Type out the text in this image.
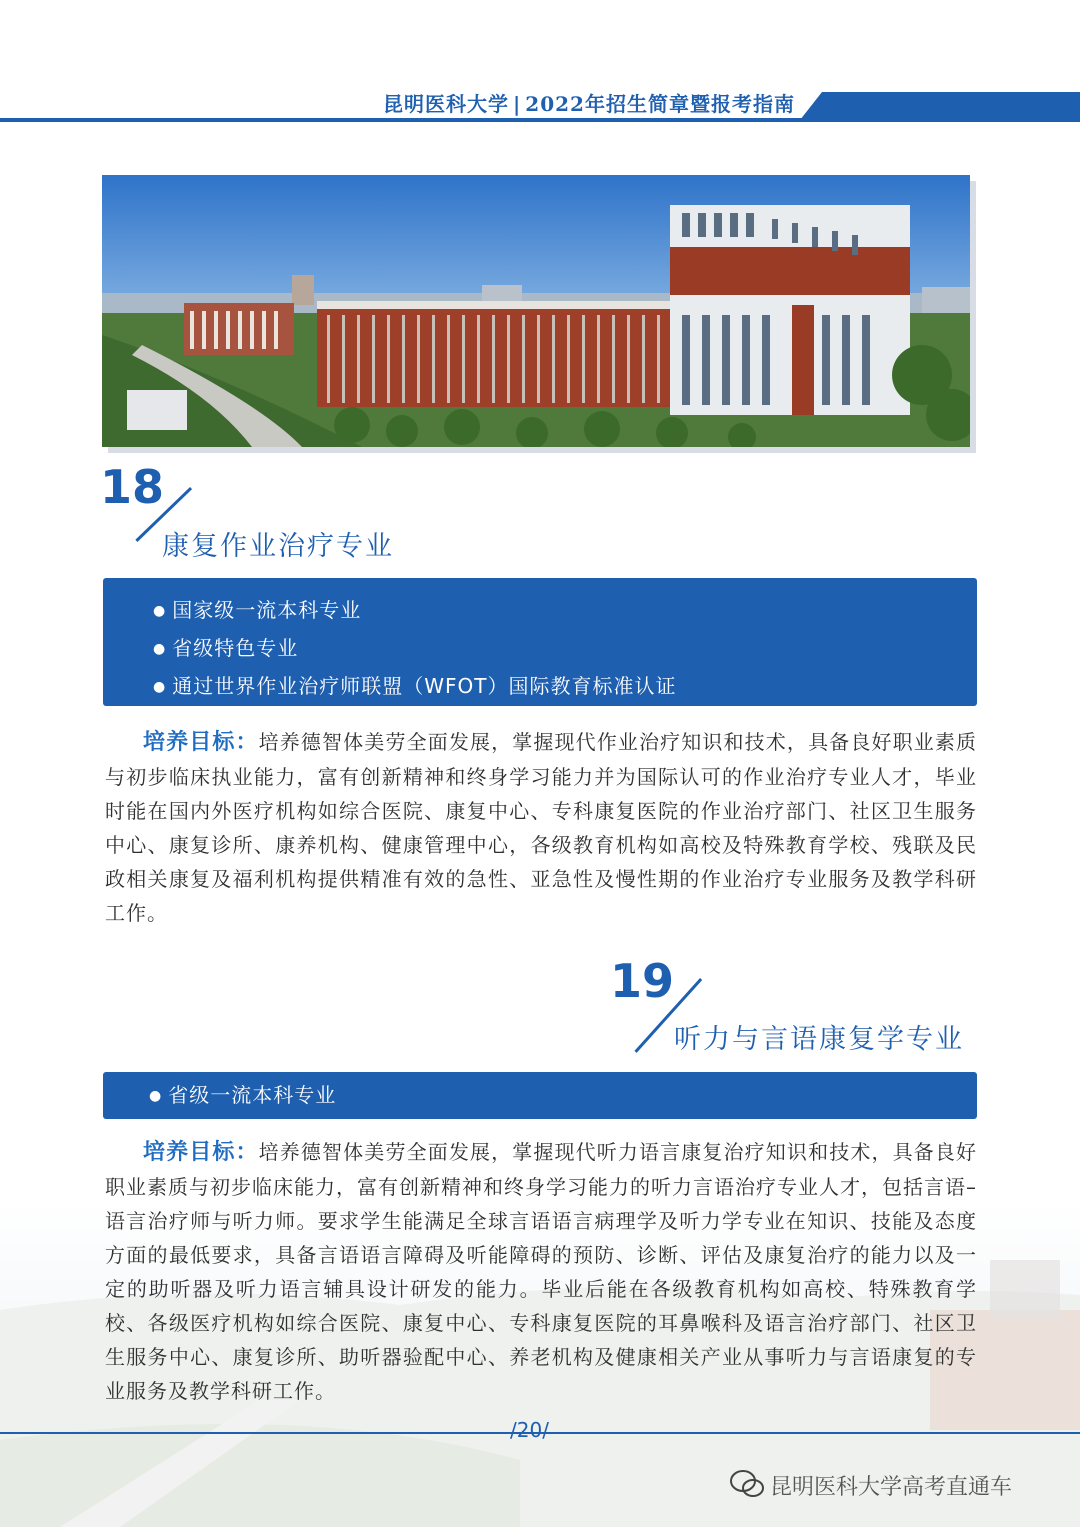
昆明医科大学 | 2022年招生简章暨报考指南
18
康复作业治疗专业
● 国家级一流本科专业
● 省级特色专业
● 通过世界作业治疗师联盟（WFOT）国际教育标准认证
培养目标：培养德智体美劳全面发展，掌握现代作业治疗知识和技术，具备良好职业素质与初步临床执业能力，富有创新精神和终身学习能力并为国际认可的作业治疗专业人才，毕业时能在国内外医疗机构如综合医院、康复中心、专科康复医院的作业治疗部门、社区卫生服务中心、康复诊所、康养机构、健康管理中心，各级教育机构如高校及特殊教育学校、残联及民政相关康复及福利机构提供精准有效的急性、亚急性及慢性期的作业治疗专业服务及教学科研工作。
19
听力与言语康复学专业
● 省级一流本科专业
培养目标：培养德智体美劳全面发展，掌握现代听力语言康复治疗知识和技术，具备良好职业素质与初步临床能力，富有创新精神和终身学习能力的听力言语治疗专业人才，包括言语–语言治疗师与听力师。要求学生能满足全球言语语言病理学及听力学专业在知识、技能及态度方面的最低要求，具备言语语言障碍及听能障碍的预防、诊断、评估及康复治疗的能力以及一定的助听器及听力语言辅具设计研发的能力。毕业后能在各级教育机构如高校、特殊教育学校、各级医疗机构如综合医院、康复中心、专科康复医院的耳鼻喉科及语言治疗部门、社区卫生服务中心、康复诊所、助听器验配中心、养老机构及健康相关产业从事听力与言语康复的专业服务及教学科研工作。
/20/
昆明医科大学高考直通车
